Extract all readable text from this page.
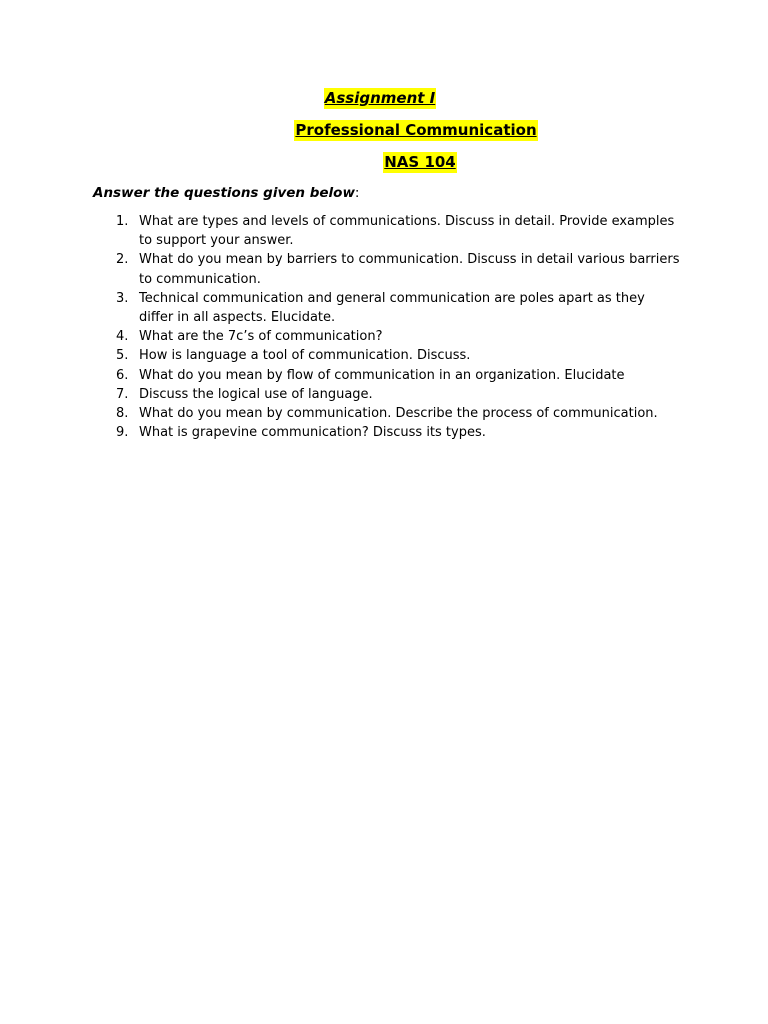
Assignment I
Professional Communication
NAS 104
Answer the questions given below:
1. What are types and levels of communications. Discuss in detail. Provide examples to support your answer.
2. What do you mean by barriers to communication. Discuss in detail various barriers to communication.
3. Technical communication and general communication are poles apart as they differ in all aspects. Elucidate.
4. What are the 7c’s of communication?
5. How is language a tool of communication. Discuss.
6. What do you mean by flow of communication in an organization. Elucidate
7. Discuss the logical use of language.
8. What do you mean by communication. Describe the process of communication.
9. What is grapevine communication? Discuss its types.
